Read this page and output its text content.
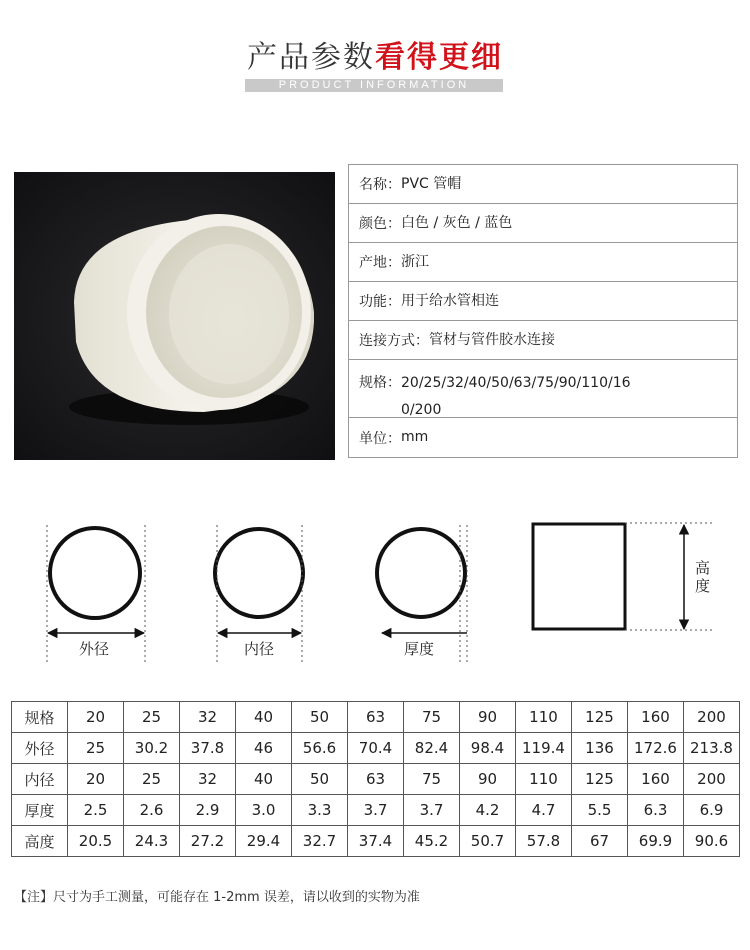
产品参数看得更细
PRODUCT INFORMATION
名称： PVC 管帽
颜色： 白色 / 灰色 / 蓝色
产地： 浙江
功能： 用于给水管相连
连接方式： 管材与管件胶水连接
规格： 20/25/32/40/50/63/75/90/110/160/200
单位： mm
外径	内径	厚度
高
度
规格	20	25	32	40	50	63	75	90	110	125	160	200
外径	25	30.2	37.8	46	56.6	70.4	82.4	98.4	119.4	136	172.6	213.8
内径	20	25	32	40	50	63	75	90	110	125	160	200
厚度	2.5	2.6	2.9	3.0	3.3	3.7	3.7	4.2	4.7	5.5	6.3	6.9
高度	20.5	24.3	27.2	29.4	32.7	37.4	45.2	50.7	57.8	67	69.9	90.6
【注】尺寸为手工测量，可能存在 1-2mm 误差，请以收到的实物为准
